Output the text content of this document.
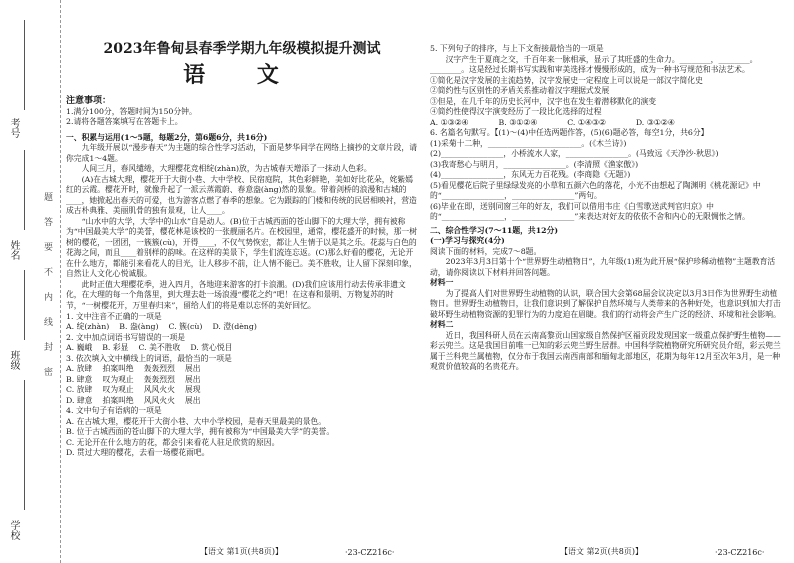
学校
班级
姓名
考号
题
答
要
不
内
线
封
密

2023年鲁甸县春季学期九年级模拟提升测试

语 文

注意事项：

1.满分100分，答题时间为150分钟。

2.请将各题答案填写在答题卡上。

一、积累与运用(1～5题，每题2分，第6题6分，共16分)

九年级开展以“漫步春天”为主题的综合性学习活动，下面是梦华同学在网络上摘抄的文章片段，请你完成1～4题。

人间三月，春风缱绻，大理樱花竞相绽(zhàn)放，为古城春天增添了一抹动人色彩。

(A)在古城大理，樱花开于大街小巷、大中学校、民宿庭院，其色彩鲜艳，美如好比花朵，姹紫嫣红的云霞。樱花开时，就像升起了一派云蒸霞蔚、春意盎(àng)然的景象。带着剑桥的浪漫和古城的____，她掀起出春天的可爱，也为游客点燃了春季的想象。它为跟踪的门楼和传统的民居相映衬，营造成古朴典雅、美丽肌骨的独有景观，让人____。

“山水中的大学，大学中的山水”自是动人。(B)位于古城西面的苍山脚下的大理大学，拥有被称为“中国最美大学”的美誉，樱花林是该校的一张靓丽名片。在校园里，通常，樱花盛开的时候，那一树树的樱花，一团团，一簇簇(cù)，开得____，不仅气势恢宏，都让人生情于以是其之乐。花蕊与白色的花海之间，而且____着别样的韵味。在这样的美景下，学生们流连忘返。(C)那么好看的樱花，无论开在什么地方，都能引来看花人的目光，让人移步不前，让人情不能已。美不胜收，让人留下深刻印象，自然让人文化心悦诚服。

此时正值大理樱花季，进入四月，各地迎来游客的打卡浪潮。(D)我们应该用行动去传承非遗文化，在大理的每一个角落里，到大理去赴一场浪漫“樱花之约”吧！在这春和景明、万物复苏的时节，“一树樱花开，万里春归来”，留给人们的将是难以忘怀的美好回忆。

1. 文中注音不正确的一项是

A. 绽(zhàn)	B. 盎(àng)	C. 簇(cù)	D. 澄(dèng)

2. 文中加点词语书写错误的一项是

A. 巍峨	B. 彩显	C. 美不胜收	D. 赏心悦目

3. 依次填入文中横线上的词语，最恰当的一项是

A. 放肆	拍案叫绝	轰轰烈烈	展出
B. 肆意	叹为观止	轰轰烈烈	展出
C. 放肆	叹为观止	风风火火	展现
D. 肆意	拍案叫绝	风风火火	展出

4. 文中句子有语病的一项是

A. 在古城大理，樱花开于大街小巷、大中小学校园，是春天里最美的景色。

B. 位于古城西面的苍山脚下的大理大学，拥有被称为“中国最美大学”的美誉。

C. 无论开在什么地方的花，都会引来看花人驻足欣赏的原因。

D. 贯过大理的樱花，去看一场樱花雨吧。

【语文 第1页(共8页)】	·23-CZ216c·

5. 下列句子的排序，与上下文衔接最恰当的一项是

汉字产生于夏商之交，千百年来一脉相承，显示了其旺盛的生命力。________，________。________。这是经过长期书写实践和审美选择才慢慢形成的，成为一种书写规范和书法艺术。

①简化是汉字发展的主流趋势，汉字发展史一定程度上可以说是一部汉字简化史

②简约性与区别性的矛盾关系推动着汉字理据式发展

③但是，在几千年的历史长河中，汉字也在发生着潜移默化的演变

④简约性使得汉字演变经历了一段比化选择的过程

A. ①③②④	B. ③①②④	C. ①④③②	D. ③①②④

6. 名篇名句默写。【(1)～(4)中任选两题作答，(5)(6)题必答，每空1分，共6分】

(1)采菊十二种，________________________。(《木兰诗》)

(2)________________，小桥流水人家，________________。(马致远《天净沙·秋思》)

(3)我寄愁心与明月，________________。(李清照《渔家傲》)

(4)________________，东风无力百花残。(李商隐《无题》)

(5)看见樱花后院子里绿绿发亮的小草和五颜六色的落花，小光不由想起了陶渊明《桃花源记》中的“________________，________________”两句。

(6)毕业在即，送别同窗三年的好友，我们可以借用韦庄《白雪歌送武判官归京》中的“________________，________________”来表达对好友的依依不舍和内心的无限惆怅之情。

二、综合性学习(7～11题，共12分)

(一)学习与探究(4分)

阅读下面的材料，完成7～8题。

2023年3月3日第十个“世界野生动植物日”，九年级(1)班为此开展“保护珍稀动植物”主题教育活动，请你阅读以下材料并回答问题。

材料一

为了提高人们对世界野生动植物的认识，联合国大会第68届会议决定以3月3日作为世界野生动植物日。世界野生动植物日，让我们意识到了解保护自然环境与人类带来的各种好处，也意识到加大打击破坏野生动植物资源的犯罪行为的力度迫在眉睫。我们的行动将会产生广泛的经济、环境和社会影响。

材料二

近日，我国科研人员在云南高黎贡山国家级自然保护区福贡段发现国家一级重点保护野生植物——彩云兜兰。这是我国目前唯一已知的彩云兜兰野生居群。中国科学院植物研究所研究员介绍，彩云兜兰属于兰科兜兰属植物，仅分布于我国云南西南部和缅甸北部地区，花期为每年12月至次年3月，是一种观赏价值较高的名贵花卉。

【语文 第2页(共8页)】	·23-CZ216c·
